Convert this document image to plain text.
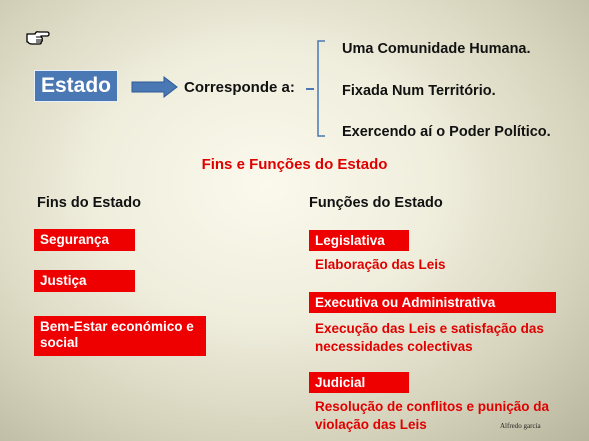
Estado	Corresponde a:
Uma Comunidade Humana.
Fixada Num Território.
Exercendo aí o Poder Político.
Fins e Funções do Estado
Fins do Estado	Funções do Estado
Segurança
Justiça
Bem-Estar económico e social
Legislativa
Elaboração das Leis
Executiva ou Administrativa
Execução das Leis e satisfação das necessidades colectivas
Judicial
Resolução de conflitos e punição da violação das Leis	Alfredo garcia
